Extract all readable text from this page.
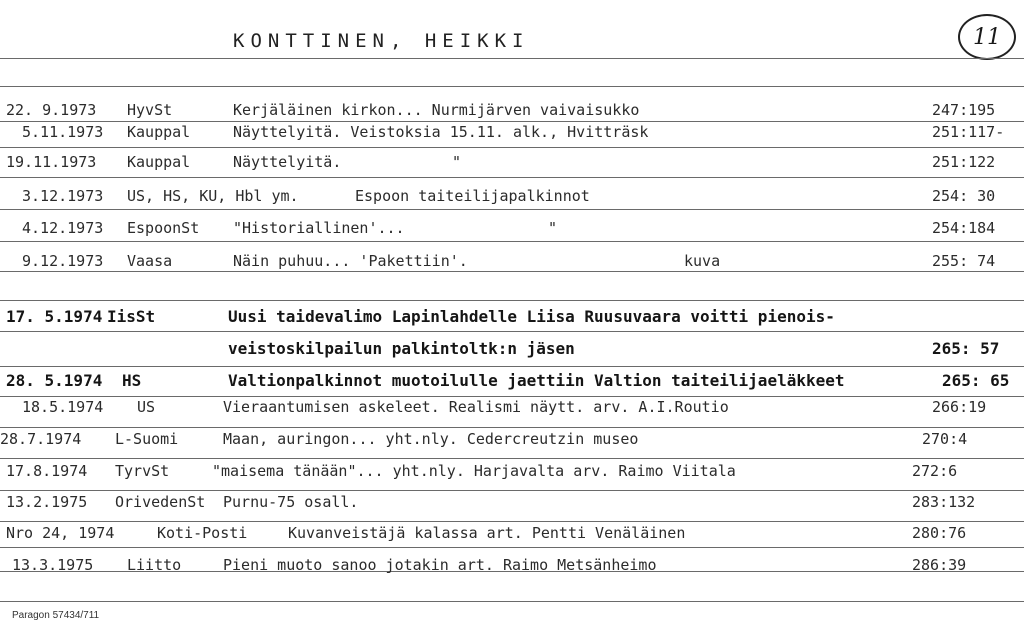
KONTTINEN, HEIKKI	11
22. 9.1973 HyvSt	Kerjäläinen kirkon... Nurmijärven vaivaisukko	247:195
5.11.1973 Kauppal	Näyttelyitä. Veistoksia 15.11. alk., Hvitträsk	251:117-
19.11.1973 Kauppal	Näyttelyitä.	"	251:122
3.12.1973 US, HS, KU, Hbl ym.	Espoon taiteilijapalkinnot	254: 30
4.12.1973 EspoonSt "Historiallinen'...	"	254:184
9.12.1973 Vaasa	Näin puhuu... 'Pakettiin'.	kuva	255: 74
17. 5.1974 IisSt	Uusi taidevalimo Lapinlahdelle Liisa Ruusuvaara voitti pienois-
veistoskilpailun palkintoltk:n jäsen	265: 57
28. 5.1974 HS	Valtionpalkinnot muotoilulle jaettiin Valtion taiteilijaeläkkeet	265: 65
18.5.1974 US	Vieraantumisen askeleet. Realismi näytt. arv. A.I.Routio	266:19
28.7.1974 L-Suomi	Maan, auringon... yht.nly. Cedercreutzin museo	270:4
17.8.1974 TyrvSt	"maisema tänään"... yht.nly. Harjavalta arv. Raimo Viitala	272:6
13.2.1975 OrivedenSt Purnu-75 osall.	283:132
Nro 24, 1974	Koti-Posti	Kuvanveistäjä kalassa art. Pentti Venäläinen	280:76
13.3.1975 Liitto	Pieni muoto sanoo jotakin art. Raimo Metsänheimo	286:39
Paragon 57434/711
